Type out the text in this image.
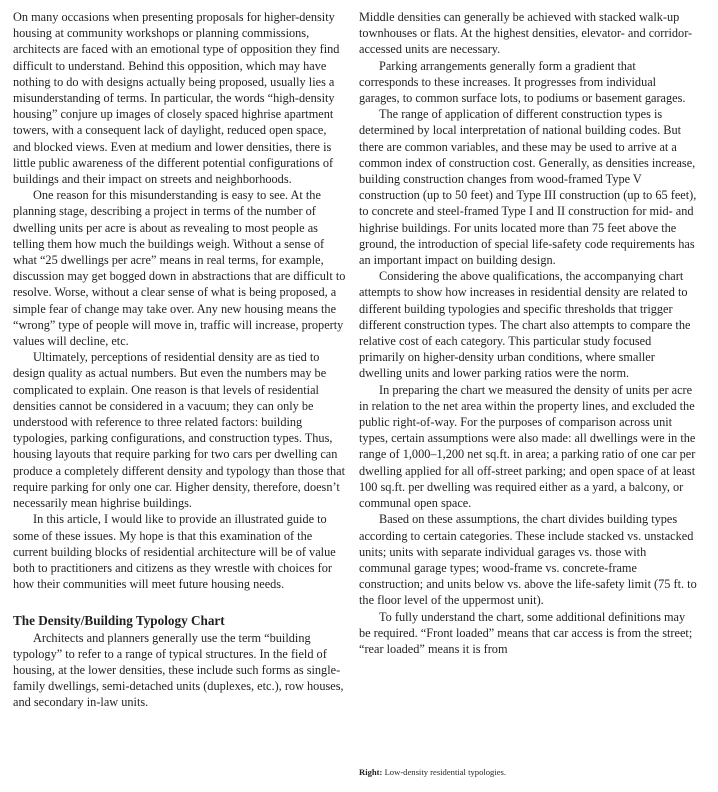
On many occasions when presenting proposals for higher-density housing at community workshops or planning commissions, architects are faced with an emotional type of opposition they find difficult to understand. Behind this opposition, which may have nothing to do with designs actually being proposed, usually lies a misunderstanding of terms. In particular, the words “high-density housing” conjure up images of closely spaced highrise apartment towers, with a consequent lack of daylight, reduced open space, and blocked views. Even at medium and lower densities, there is little public awareness of the different potential configurations of buildings and their impact on streets and neighborhoods.

One reason for this misunderstanding is easy to see. At the planning stage, describing a project in terms of the number of dwelling units per acre is about as revealing to most people as telling them how much the buildings weigh. Without a sense of what “25 dwellings per acre” means in real terms, for example, discussion may get bogged down in abstractions that are difficult to resolve. Worse, without a clear sense of what is being proposed, a simple fear of change may take over. Any new housing means the “wrong” type of people will move in, traffic will increase, property values will decline, etc.

Ultimately, perceptions of residential density are as tied to design quality as actual numbers. But even the numbers may be complicated to explain. One reason is that levels of residential densities cannot be considered in a vacuum; they can only be understood with reference to three related factors: building typologies, parking configurations, and construction types. Thus, housing layouts that require parking for two cars per dwelling can produce a completely different density and typology than those that require parking for only one car. Higher density, therefore, doesn’t necessarily mean highrise buildings.

In this article, I would like to provide an illustrated guide to some of these issues. My hope is that this examination of the current building blocks of residential architecture will be of value both to practitioners and citizens as they wrestle with choices for how their communities will meet future housing needs.

The Density/Building Typology Chart

Architects and planners generally use the term “building typology” to refer to a range of typical structures. In the field of housing, at the lower densities, these include such forms as single-family dwellings, semi-detached units (duplexes, etc.), row houses, and secondary in-law units.

Middle densities can generally be achieved with stacked walk-up townhouses or flats. At the highest densities, elevator- and corridor-accessed units are necessary.

Parking arrangements generally form a gradient that corresponds to these increases. It progresses from individual garages, to common surface lots, to podiums or basement garages.

The range of application of different construction types is determined by local interpretation of national building codes. But there are common variables, and these may be used to arrive at a common index of construction cost. Generally, as densities increase, building construction changes from wood-framed Type V construction (up to 50 feet) and Type III construction (up to 65 feet), to concrete and steel-framed Type I and II construction for mid- and highrise buildings. For units located more than 75 feet above the ground, the introduction of special life-safety code requirements has an important impact on building design.

Considering the above qualifications, the accompanying chart attempts to show how increases in residential density are related to different building typologies and specific thresholds that trigger different construction types. The chart also attempts to compare the relative cost of each category. This particular study focused primarily on higher-density urban conditions, where smaller dwelling units and lower parking ratios were the norm.

In preparing the chart we measured the density of units per acre in relation to the net area within the property lines, and excluded the public right-of-way. For the purposes of comparison across unit types, certain assumptions were also made: all dwellings were in the range of 1,000–1,200 net sq.ft. in area; a parking ratio of one car per dwelling applied for all off-street parking; and open space of at least 100 sq.ft. per dwelling was required either as a yard, a balcony, or communal open space.

Based on these assumptions, the chart divides building types according to certain categories. These include stacked vs. unstacked units; units with separate individual garages vs. those with communal garage types; wood-frame vs. concrete-frame construction; and units below vs. above the life-safety limit (75 ft. to the floor level of the uppermost unit).

To fully understand the chart, some additional definitions may be required. “Front loaded” means that car access is from the street; “rear loaded” means it is from

Right: Low-density residential typologies.
